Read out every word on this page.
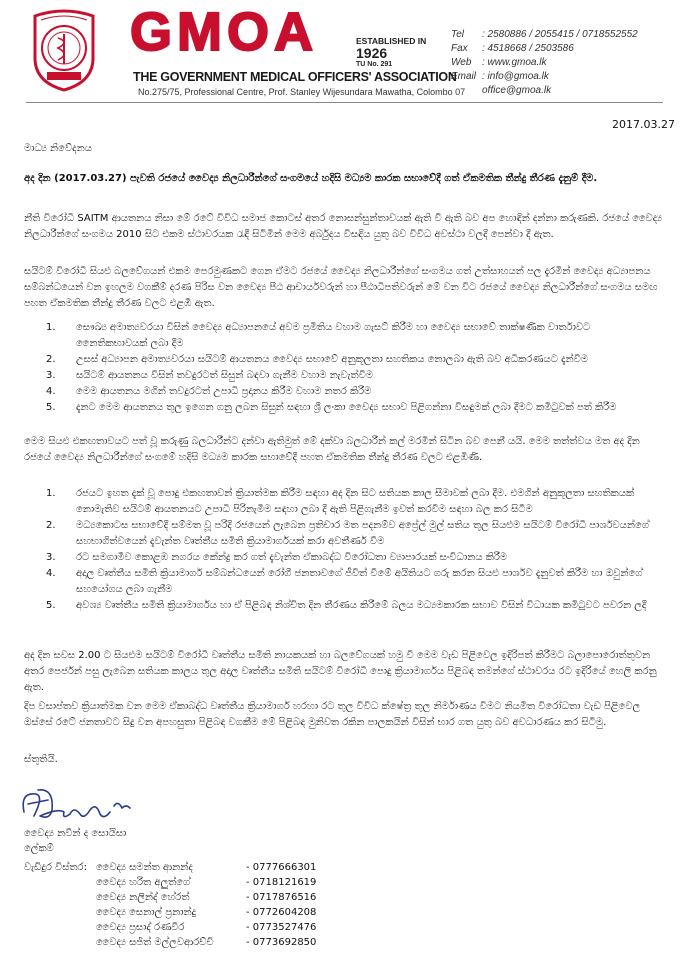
GMOA	ESTABLISHED IN
1926
TU No. 291
THE GOVERNMENT MEDICAL OFFICERS' ASSOCIATION
No.275/75, Professional Centre, Prof. Stanley Wijesundara Mawatha, Colombo 07
Tel	: 2580886 / 2055415 / 0718552552
Fax	: 4518668 / 2503586
Web	: www.gmoa.lk
Email : info@gmoa.lk
office@gmoa.lk
2017.03.27

මාධ්‍ය නිවේදනය

අද දින (2017.03.27) පැවති රජයේ වෛද්‍ය නිලධාරීන්ගේ සංගමයේ හදිසි මධ්‍යම කාරක සභාවේදී ගත් ඒකමතික තීන්දු තීරණ දැනුම් දීම.

නීති විරෝධී SAITM ආයතනය නිසා මේ රටේ විවිධ සමාජ කොටස් අතර නොසන්සුන්තාවයක් ඇති වී ඇති බව අප හොඳින් දන්නා කරුණකි. රජයේ වෛද්‍ය නිලධාරීන්ගේ සංගමය 2010 සිට එකම ස්ථාවරයක රැඳී සිටිමින් මෙම අර්බුදය විසඳිය යුතු බව විවිධ අවස්ථා වලදී පෙන්වා දී ඇත.

සයිටම් විරෝධී සියළු බලවේගයන් එකම පෙරමුණකට ගෙන ඒමට රජයේ වෛද්‍ය නිලධාරීන්ගේ සංගමය ගත් උත්සාහයන් පල දැරමින් වෛද්‍ය අධ්‍යාපනය සම්බන්ධයෙන් වන ඉහලම වගකීම් දරණ පිරිස වන වෛද්‍ය පීඨ ආචාර්යවරුන් හා පීඨාධිපතිවරුන් මේ වන විට රජයේ වෛද්‍ය නිලධාරීන්ගේ සංගමය සමඟ පහත ඒකමතික තීන්දු තීරණ වලට එළඹී ඇත.

1.	සෞඛ්‍ය අමාත්‍යවරයා විසින් වෛද්‍ය අධ්‍යාපනයේ අවම ප්‍රමිතිය වහාම ගැසට් කිරීම හා වෛද්‍ය සභාවේ තාක්ෂණික වාර්තාවට නෛතිකභාවයක් ලබා දීම
2.	උසස් අධ්‍යාපන අමාත්‍යවරයා සයිටම් ආයතනය වෛද්‍ය සභාවේ අනුකූලතා සහතිකය නොලබා ඇති බව අධිකරණයට දැන්වීම
3.	සයිටම් ආයතනය විසින් තවදුරටත් සිසුන් බඳවා ගැනීම වහාම නැවැත්වීම
4.	මෙම ආයතනය මගින් තවදුරටත් උපාධි ප්‍රදානය කිරීම වහාම නතර කිරීම
5.	දැනට මෙම ආයතනය තුල ඉගෙන ගනු ලබන සිසුන් සඳහා ශ්‍රී ලංකා වෛද්‍ය සභාව පිළිගන්නා විසඳුමක් ලබා දීමට කමිටුවක් පත් කිරීම

මෙම සියළු එකඟතාවයට පත් වූ කරුණු බලධාරීන්ට දන්වා ඇතිමුත් මේ දක්වා බලධාරීන් කල් මරමින් සිටින බව පෙනී යයි. මෙම තත්ත්වය මත අද දින රජයේ වෛද්‍ය නිලධාරීන්ගේ සංගමේ හදිසි මධ්‍යම කාරක සභාවේදී පහත ඒකමතික තීන්දු තීරණ වලට එළඹිණි.

1.	රජයට ඉහත දැක් වූ පොදු එකඟතාවන් ක්‍රියාත්මක කිරීම සඳහා අද දින සිට සතියක කාල සීමාවක් ලබා දීම. එමගින් අනුකූලතා සහතිකයක් නොමැතිව සයිටම් ආයතනයට උපාධි පිරිනැමීම සඳහා ලබා දී ඇති පිළිගැනීම ඉවත් කරවීම සඳහා බල කර සිටීම
2.	මධ්‍යකොටස සභාවේදී සම්මත වූ පරිදි රජයෙන් ලැබෙන ප්‍රතිචාර මත පදනම්ව අප්‍රේල් මුල් සතිය තුල සියළුම සයිටම් විරෝධී පාර්ශවයන්ගේ සහභාගිත්වයෙන් දැවැන්ත වෘත්තීය සමිති ක්‍රියාමාර්ගයක් කරා අවතීර්ණ වීම
3.	රට සමගාමීව කොළඹ නගරය කේන්ද්‍ර කර ගත් දැවැන්ත ඒකාබද්ධ විරෝධතා ව්‍යාපාරයක් සංවිධානය කිරීම
4.	අදාල වෘත්තීය සමිති ක්‍රියාමාර්ග සම්බන්ධයෙන් රෝගී ජනතාවගේ ජීවිත් වීමේ අයිතියට ගරු කරන සියළු පාර්ශව දැනුවත් කිරීම හා ඔවුන්ගේ සහයෝගය ලබා ගැනීම
5.	අවශ්‍ය වෘත්තීය සමිති ක්‍රියාමාර්ගය හා ඒ පිළිබඳ නිශ්චිත දින තීරණය කිරීමේ බලය මධ්‍යමකාරක සභාව විසින් විධායක කමිටුවට පවරන ලදී

අද දින සවස 2.00 ට සියළුම සයිටම් විරෝධී වෘත්තීය සමිති නායකයක් හා බලවේගයක් හමු වී මෙම වැඩ පිළිවෙල ඉදිරිපත් කිරීමට බලාපොරොත්තුවන අතර පෙර්ජන් පසු ලැබෙන සතියක කාලය තුල අදාල වෘත්තීය සමිති සයිටම් විරෝධී පොදු ක්‍රියාමාර්ගය පිළිබඳ තමන්ගේ ස්ථාවරය රට ඉදිරියේ හෙලි කරනු ඇත.

දිප වසාප්තව ක්‍රියාත්මක වන මෙම ඒකාබද්ධ වෘත්තීය ක්‍රියාමාර්ග හරහා රට තුල විවිධ ක්ෂේත්‍ර තුල නිර්මාණය විමට නියමිත විරෝධතා වැඩ පිළිවෙල ඔස්සේ රටේ ජනතාවට සිදු වන අපහසුතා පිළිබඳ වගකීම මේ පිළිබඳ මුනිවත රකින පාලකයින් විසින් භාර ගත යුතු බව අවධාරණය කර සිටිමු.

ස්තුතියි.

වෛද්‍ය නවීන් ද සොයිසා

ලේකම්

වැඩිදුර විස්තර: වෛද්‍ය සමන්ත ආනන්ද	- 0777666301
වෛද්‍ය හරිත අලුත්ගේ	- 0718121619
වෛද්‍ය නලින්ද් හේරත්	- 0717876516
වෛද්‍ය සෙනාල් ප්‍රනාන්දු	- 0772604208
වෛද්‍ය ප්‍රසාද් රණවීර	- 0773527476
වෛද්‍ය සජිත් මල්ලවආරච්චි	- 0773692850
